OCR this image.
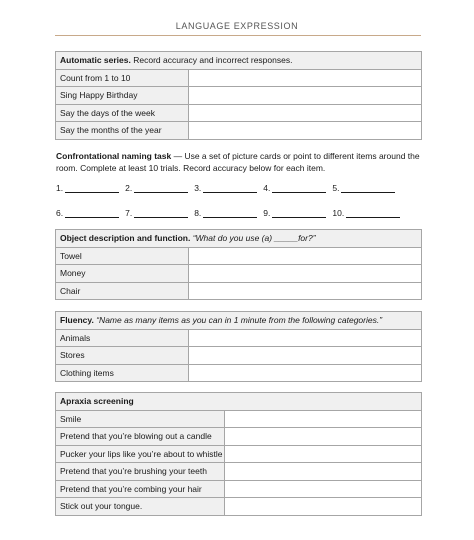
LANGUAGE EXPRESSION
Automatic series. Record accuracy and incorrect responses.	
Count from 1 to 10	
Sing Happy Birthday	
Say the days of the week	
Say the months of the year	
Confrontational naming task — Use a set of picture cards or point to different items around the room. Complete at least 10 trials. Record accuracy below for each item.
1.	2.	3.	4.	5.
6.	7.	8.	9.	10.
Object description and function. “What do you use (a) _____for?”	
Towel	
Money	
Chair	
Fluency. “Name as many items as you can in 1 minute from the following categories.”	
Animals	
Stores	
Clothing items	
Apraxia screening	
Smile	
Pretend that you’re blowing out a candle	
Pucker your lips like you’re about to whistle	
Pretend that you’re brushing your teeth	
Pretend that you’re combing your hair	
Stick out your tongue.	
